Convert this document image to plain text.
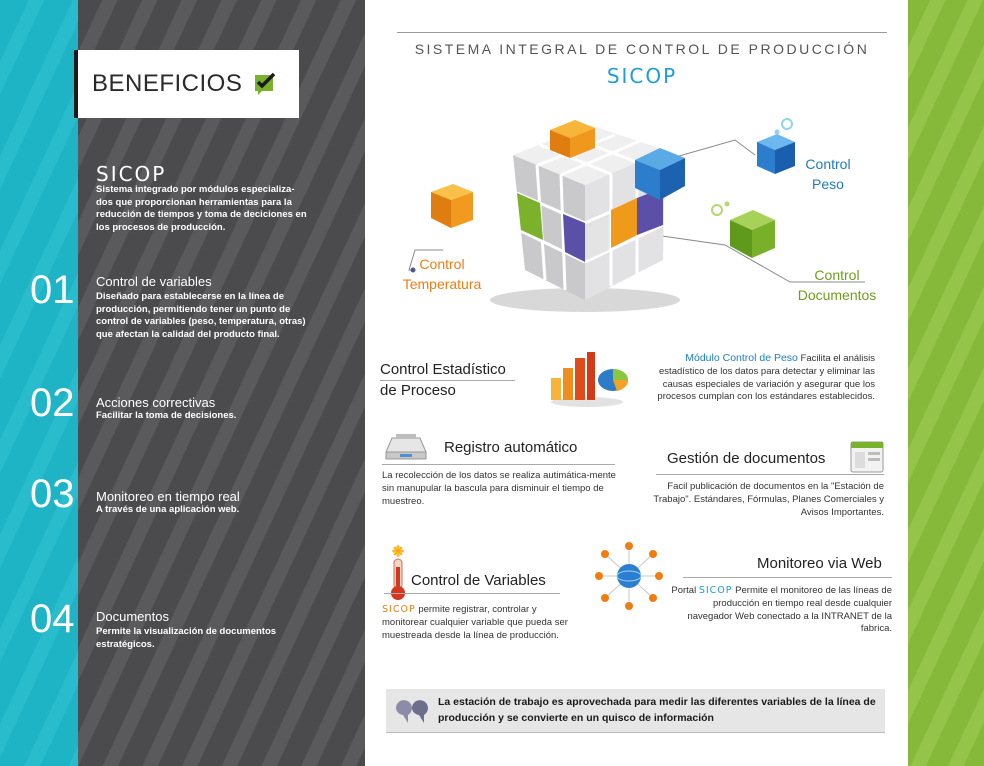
BENEFICIOS
SICOP
Sistema integrado por módulos especializa-dos que proporcionan herramientas para la reducción de tiempos y toma de deciciones en los procesos de producción.
01 Control de variables
Diseñado para establecerse en la línea de producción, permitiendo tener un punto de control de variables (peso, temperatura, otras) que afectan la calidad del producto final.
02 Acciones correctivas
Facilitar la toma de decisiones.
03 Monitoreo en tiempo real
A través de una aplicación web.
04 Documentos
Permite la visualización de documentos estratégicos.
SISTEMA INTEGRAL DE CONTROL DE PRODUCCIÓN
SICOP
Control
Temperatura
Control
Peso
Control
Documentos
Control Estadístico
de Proceso
Módulo Control de Peso Facilita el análisis estadístico de los datos para detectar y eliminar las causas especiales de variación y asegurar que los procesos cumplan con los estándares establecidos.
Registro automático
La recolección de los datos se realiza autimática-mente sin manupular la bascula para disminuir el tiempo de muestreo.
Gestión de documentos
Facil publicación de documentos en la "Estación de Trabajo". Estándares, Fórmulas, Planes Comerciales y Avisos Importantes.
Control de Variables
SICOP permite registrar, controlar y monitorear cualquier variable que pueda ser muestreada desde la línea de producción.
Monitoreo via Web
Portal SICOP Permite el monitoreo de las líneas de producción en tiempo real desde cualquier navegador Web conectado a la INTRANET de la fabrica.
La estación de trabajo es aprovechada para medir las diferentes variables de la línea de producción y se convierte en un quisco de información
